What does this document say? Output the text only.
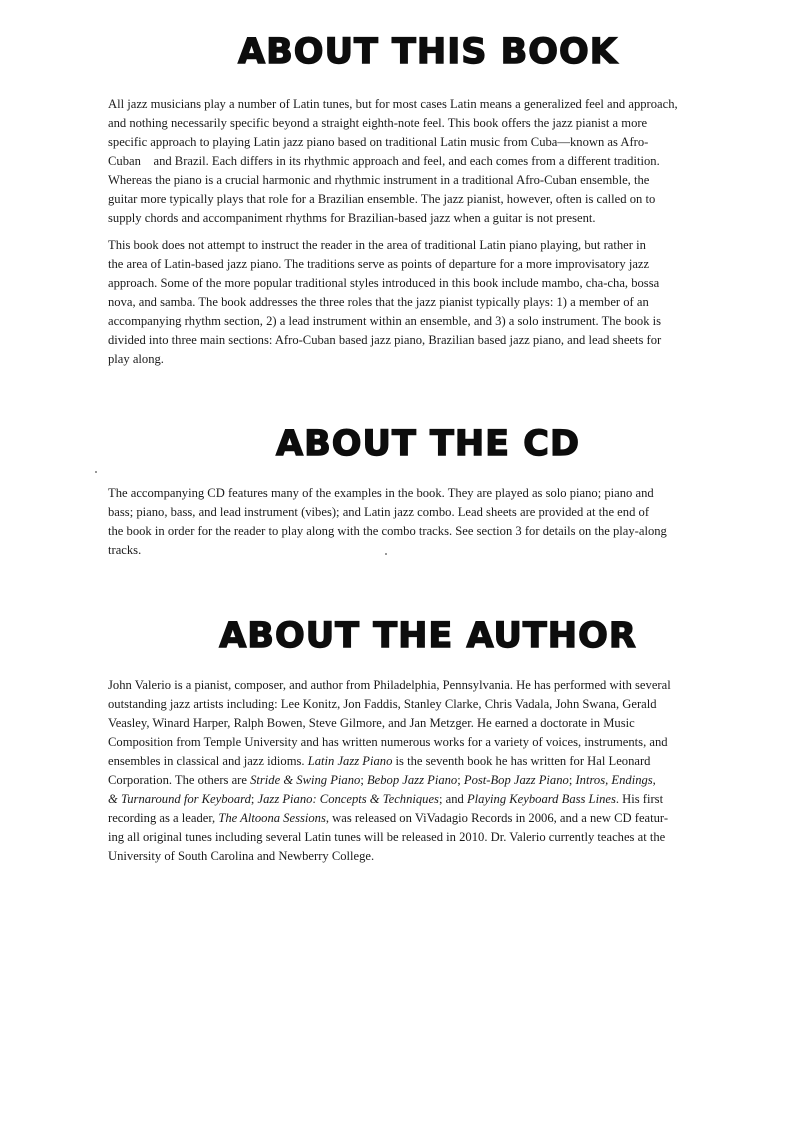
ABOUT THIS BOOK

All jazz musicians play a number of Latin tunes, but for most cases Latin means a generalized feel and approach,
and nothing necessarily specific beyond a straight eighth-note feel. This book offers the jazz pianist a more
specific approach to playing Latin jazz piano based on traditional Latin music from Cuba—known as Afro-
Cuban    and Brazil. Each differs in its rhythmic approach and feel, and each comes from a different tradition.
Whereas the piano is a crucial harmonic and rhythmic instrument in a traditional Afro-Cuban ensemble, the
guitar more typically plays that role for a Brazilian ensemble. The jazz pianist, however, often is called on to
supply chords and accompaniment rhythms for Brazilian-based jazz when a guitar is not present.

This book does not attempt to instruct the reader in the area of traditional Latin piano playing, but rather in
the area of Latin-based jazz piano. The traditions serve as points of departure for a more improvisatory jazz
approach. Some of the more popular traditional styles introduced in this book include mambo, cha-cha, bossa
nova, and samba. The book addresses the three roles that the jazz pianist typically plays: 1) a member of an
accompanying rhythm section, 2) a lead instrument within an ensemble, and 3) a solo instrument. The book is
divided into three main sections: Afro-Cuban based jazz piano, Brazilian based jazz piano, and lead sheets for
play along.

ABOUT THE CD

The accompanying CD features many of the examples in the book. They are played as solo piano; piano and
bass; piano, bass, and lead instrument (vibes); and Latin jazz combo. Lead sheets are provided at the end of
the book in order for the reader to play along with the combo tracks. See section 3 for details on the play-along
tracks.

ABOUT THE AUTHOR

John Valerio is a pianist, composer, and author from Philadelphia, Pennsylvania. He has performed with several
outstanding jazz artists including: Lee Konitz, Jon Faddis, Stanley Clarke, Chris Vadala, John Swana, Gerald
Veasley, Winard Harper, Ralph Bowen, Steve Gilmore, and Jan Metzger. He earned a doctorate in Music
Composition from Temple University and has written numerous works for a variety of voices, instruments, and
ensembles in classical and jazz idioms. Latin Jazz Piano is the seventh book he has written for Hal Leonard
Corporation. The others are Stride & Swing Piano; Bebop Jazz Piano; Post-Bop Jazz Piano; Intros, Endings,
& Turnaround for Keyboard; Jazz Piano: Concepts & Techniques; and Playing Keyboard Bass Lines. His first
recording as a leader, The Altoona Sessions, was released on ViVadagio Records in 2006, and a new CD featur-
ing all original tunes including several Latin tunes will be released in 2010. Dr. Valerio currently teaches at the
University of South Carolina and Newberry College.
